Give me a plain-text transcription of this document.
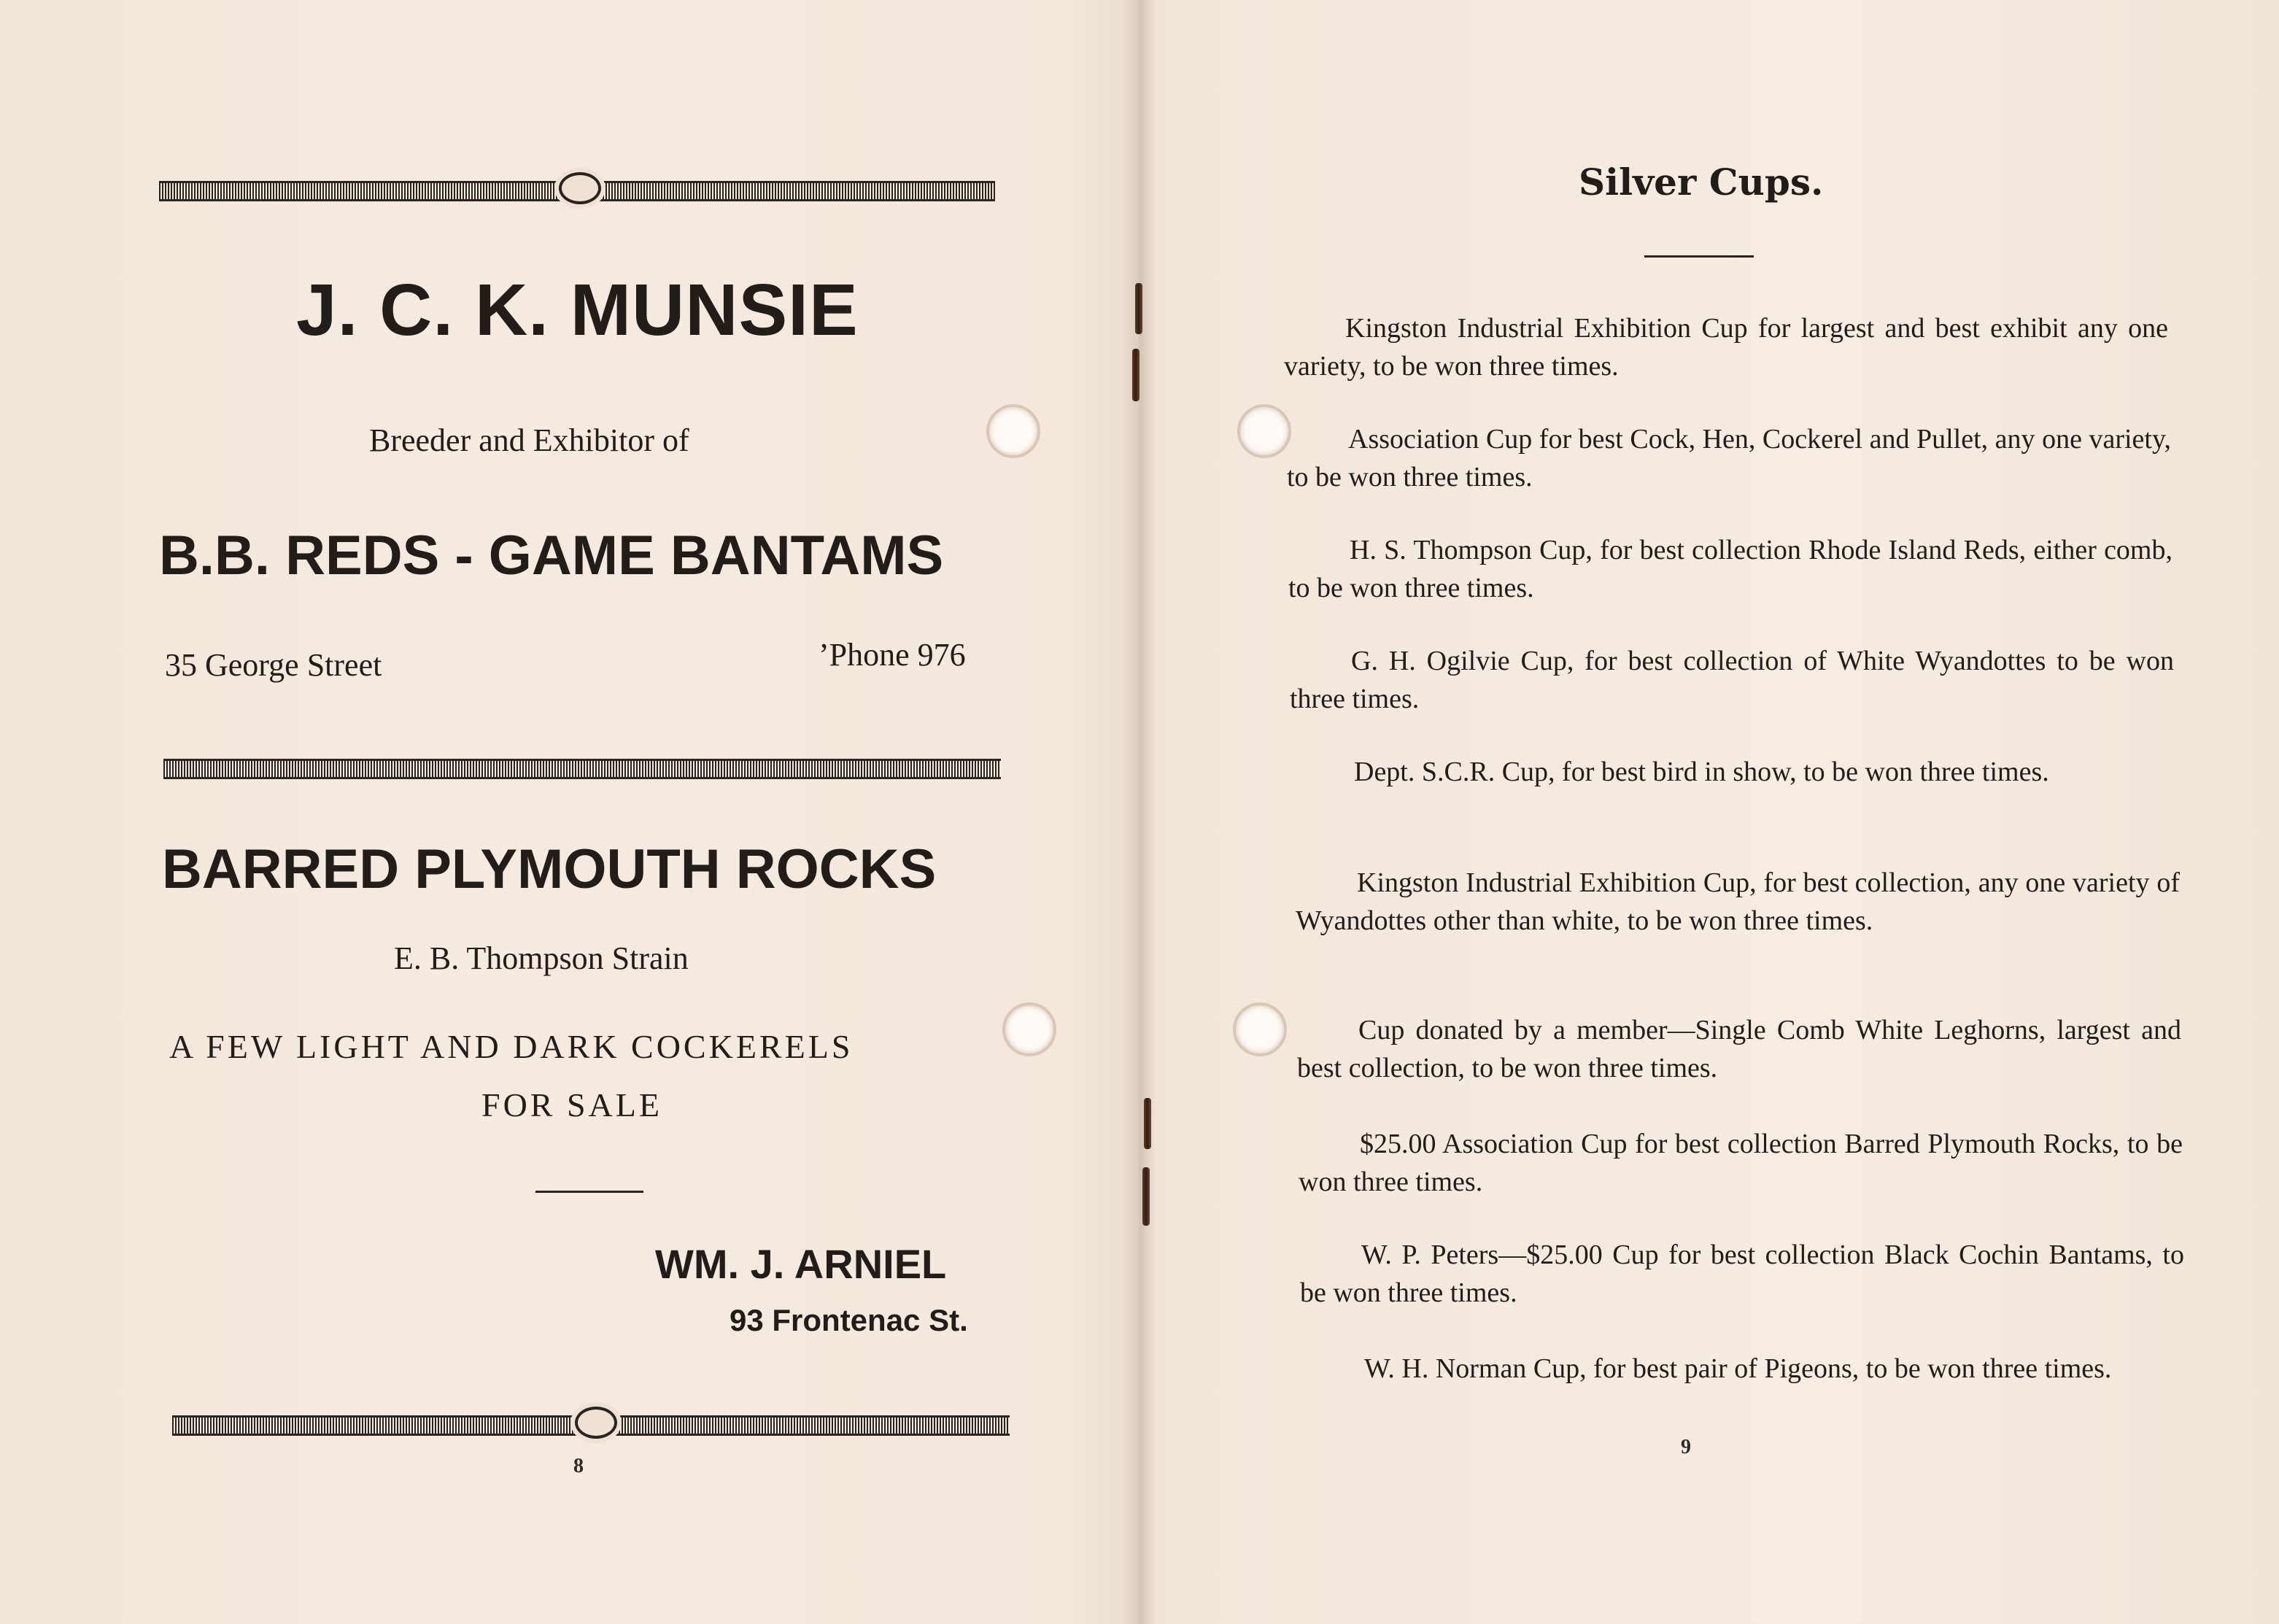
J. C. K. MUNSIE

Breeder and Exhibitor of

B.B. REDS - GAME BANTAMS

35 George Street	’Phone 976

BARRED PLYMOUTH ROCKS

E. B. Thompson Strain

A FEW LIGHT AND DARK COCKERELS

FOR SALE

WM. J. ARNIEL

93 Frontenac St.

8

Silver Cups.

Kingston Industrial Exhibition Cup for largest and best exhibit any one variety, to be won three times.

Association Cup for best Cock, Hen, Cockerel and Pullet, any one variety, to be won three times.

H. S. Thompson Cup, for best collection Rhode Island Reds, either comb, to be won three times.

G. H. Ogilvie Cup, for best collection of White Wyandottes to be won three times.

Dept. S.C.R. Cup, for best bird in show, to be won three times.

Kingston Industrial Exhibition Cup, for best collection, any one variety of Wyandottes other than white, to be won three times.

Cup donated by a member—Single Comb White Leghorns, largest and best collection, to be won three times.

$25.00 Association Cup for best collection Barred Plymouth Rocks, to be won three times.

W. P. Peters—$25.00 Cup for best collection Black Cochin Bantams, to be won three times.

W. H. Norman Cup, for best pair of Pigeons, to be won three times.

9
